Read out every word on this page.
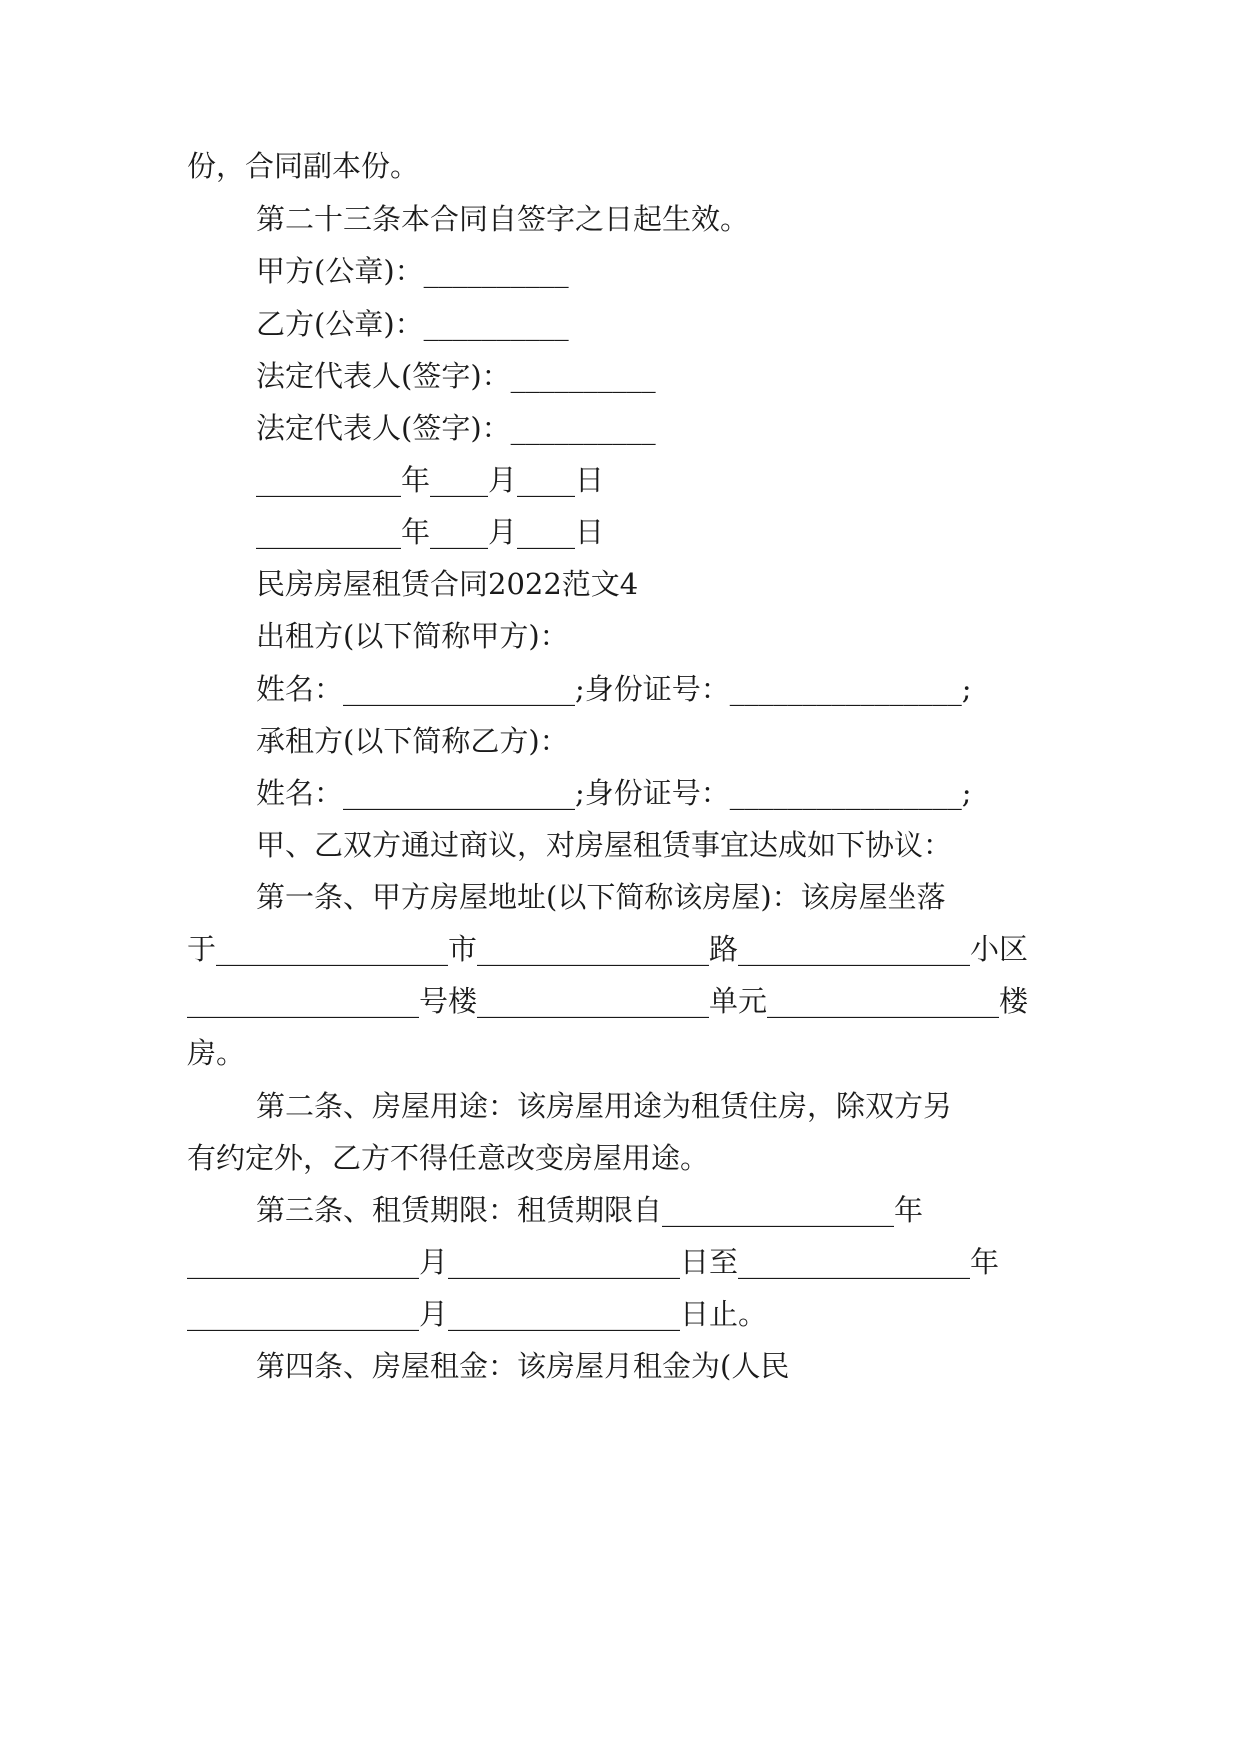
份，合同副本份。
第二十三条本合同自签字之日起生效。
甲方(公章)：__________
乙方(公章)：__________
法定代表人(签字)：__________
法定代表人(签字)：__________
__________年____月____日
__________年____月____日
民房房屋租赁合同2022范文4
出租方(以下简称甲方)：
姓名：________________;身份证号：________________;
承租方(以下简称乙方)：
姓名：________________;身份证号：________________;
甲、乙双方通过商议，对房屋租赁事宜达成如下协议：
第一条、甲方房屋地址(以下简称该房屋)：该房屋坐落
于________________市________________路________________小区
________________号楼________________单元________________楼
房。
第二条、房屋用途：该房屋用途为租赁住房，除双方另
有约定外，乙方不得任意改变房屋用途。
第三条、租赁期限：租赁期限自________________年
________________月________________日至________________年
________________月________________日止。
第四条、房屋租金：该房屋月租金为(人民
